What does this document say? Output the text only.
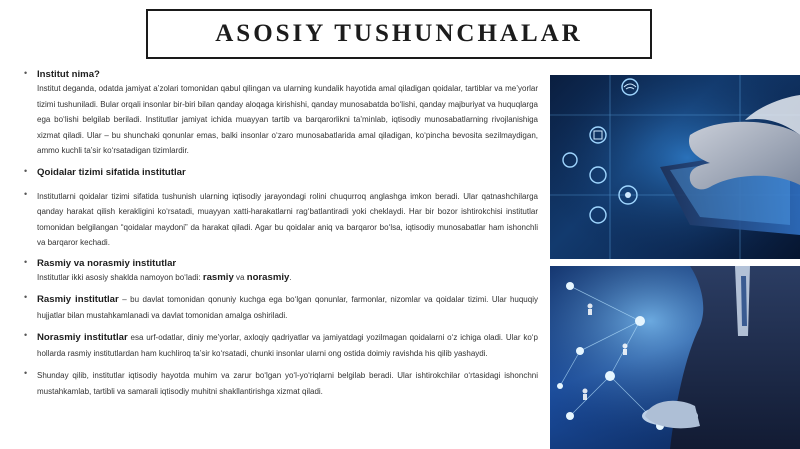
ASOSIY TUSHUNCHALAR
• Institut nima?
Institut deganda, odatda jamiyat a’zolari tomonidan qabul qilingan va ularning kundalik hayotida amal qiladigan qoidalar, tartiblar va me’yorlar tizimi tushuniladi. Bular orqali insonlar bir-biri bilan qanday aloqaga kirishishi, qanday munosabatda bo‘lishi, qanday majburiyat va huquqlarga ega bo‘lishi belgilab beriladi. Institutlar jamiyat ichida muayyan tartib va barqarorlikni ta’minlab, iqtisodiy munosabatlarning rivojlanishiga xizmat qiladi. Ular – bu shunchaki qonunlar emas, balki insonlar o‘zaro munosabatlarida amal qiladigan, ko‘pincha bevosita sezilmaydigan, ammo kuchli ta’sir ko‘rsatadigan tizimlardir.
• Qoidalar tizimi sifatida institutlar
• Institutlarni qoidalar tizimi sifatida tushunish ularning iqtisodiy jarayondagi rolini chuqurroq anglashga imkon beradi. Ular qatnashchilarga qanday harakat qilish kerakligini ko‘rsatadi, muayyan xatti-harakatlarni rag‘batlantiradi yoki cheklaydi. Har bir bozor ishtirokchisi institutlar tomonidan belgilangan “qoidalar maydoni” da harakat qiladi. Agar bu qoidalar aniq va barqaror bo‘lsa, iqtisodiy munosabatlar ham ishonchli va barqaror kechadi.
• Rasmiy va norasmiy institutlar
Institutlar ikki asosiy shaklda namoyon bo‘ladi: rasmiy va norasmiy.
• Rasmiy institutlar – bu davlat tomonidan qonuniy kuchga ega bo‘lgan qonunlar, farmonlar, nizomlar va qoidalar tizimi. Ular huquqiy hujjatlar bilan mustahkamlanadi va davlat tomonidan amalga oshiriladi.
• Norasmiy institutlar esa urf-odatlar, diniy me’yorlar, axloqiy qadriyatlar va jamiyatdagi yozilmagan qoidalarni o‘z ichiga oladi. Ular ko‘p hollarda rasmiy institutlardan ham kuchliroq ta’sir ko‘rsatadi, chunki insonlar ularni ong ostida doimiy ravishda his qilib yashaydi.
• Shunday qilib, institutlar iqtisodiy hayotda muhim va zarur bo‘lgan yo‘l-yo‘riqlarni belgilab beradi. Ular ishtirokchilar o‘rtasidagi ishonchni mustahkamlab, tartibli va samarali iqtisodiy muhitni shakllantirishga xizmat qiladi.
